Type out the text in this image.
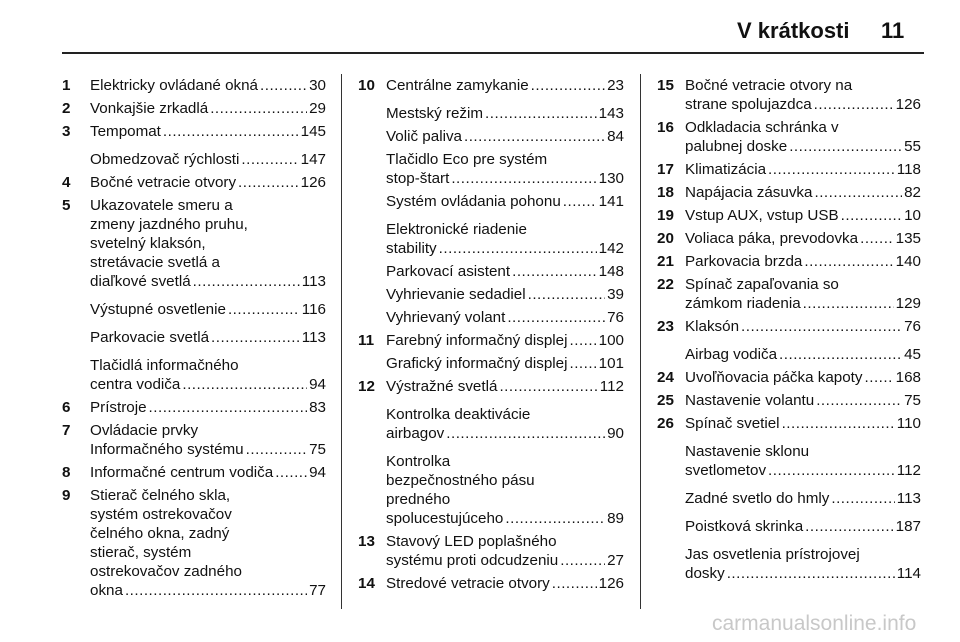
V krátkosti 11
1 Elektricky ovládané okná .....	30
2 Vonkajšie zrkadlá .....	29
3 Tempomat .....	145
Obmedzovač rýchlosti .....	147
4 Bočné vetracie otvory .....	126
5 Ukazovatele smeru a
zmeny jazdného pruhu,
svetelný klaksón,
stretávacie svetlá a
diaľkové svetlá .....	113
Výstupné osvetlenie .....	116
Parkovacie svetlá .....	113
Tlačidlá informačného
centra vodiča .....	94
6 Prístroje .....	83
7 Ovládacie prvky
Informačného systému .....	75
8 Informačné centrum vodiča ..... 94
9 Stierač čelného skla,
systém ostrekovačov
čelného okna, zadný
stierač, systém
ostrekovačov zadného
okna .....	77
10 Centrálne zamykanie .....	23
Mestský režim .....	143
Volič paliva .....	84
Tlačidlo Eco pre systém
stop-štart .....	130
Systém ovládania pohonu ..... 141
Elektronické riadenie
stability .....	142
Parkovací asistent .....	148
Vyhrievanie sedadiel .....	39
Vyhrievaný volant .....	76
11 Farebný informačný displej ..... 100
Grafický informačný displej ..... 101
12 Výstražné svetlá .....	112
Kontrolka deaktivácie
airbagov .....	90
Kontrolka
bezpečnostného pásu
predného
spolucestujúceho .....	89
13 Stavový LED poplašného
systému proti odcudzeniu .....	27
14 Stredové vetracie otvory .....	126
15 Bočné vetracie otvory na
strane spolujazdca .....	126
16 Odkladacia schránka v
palubnej doske .....	55
17 Klimatizácia .....	118
18 Napájacia zásuvka .....	82
19 Vstup AUX, vstup USB .....	10
20 Voliaca páka, prevodovka ..... 135
21 Parkovacia brzda .....	140
22 Spínač zapaľovania so
zámkom riadenia .....	129
23 Klaksón .....	76
Airbag vodiča .....	45
24 Uvoľňovacia páčka kapoty ..... 168
25 Nastavenie volantu .....	75
26 Spínač svetiel .....	110
Nastavenie sklonu
svetlometov .....	112
Zadné svetlo do hmly .....	113
Poistková skrinka .....	187
Jas osvetlenia prístrojovej
dosky .....	114
carmanualsonline.info
